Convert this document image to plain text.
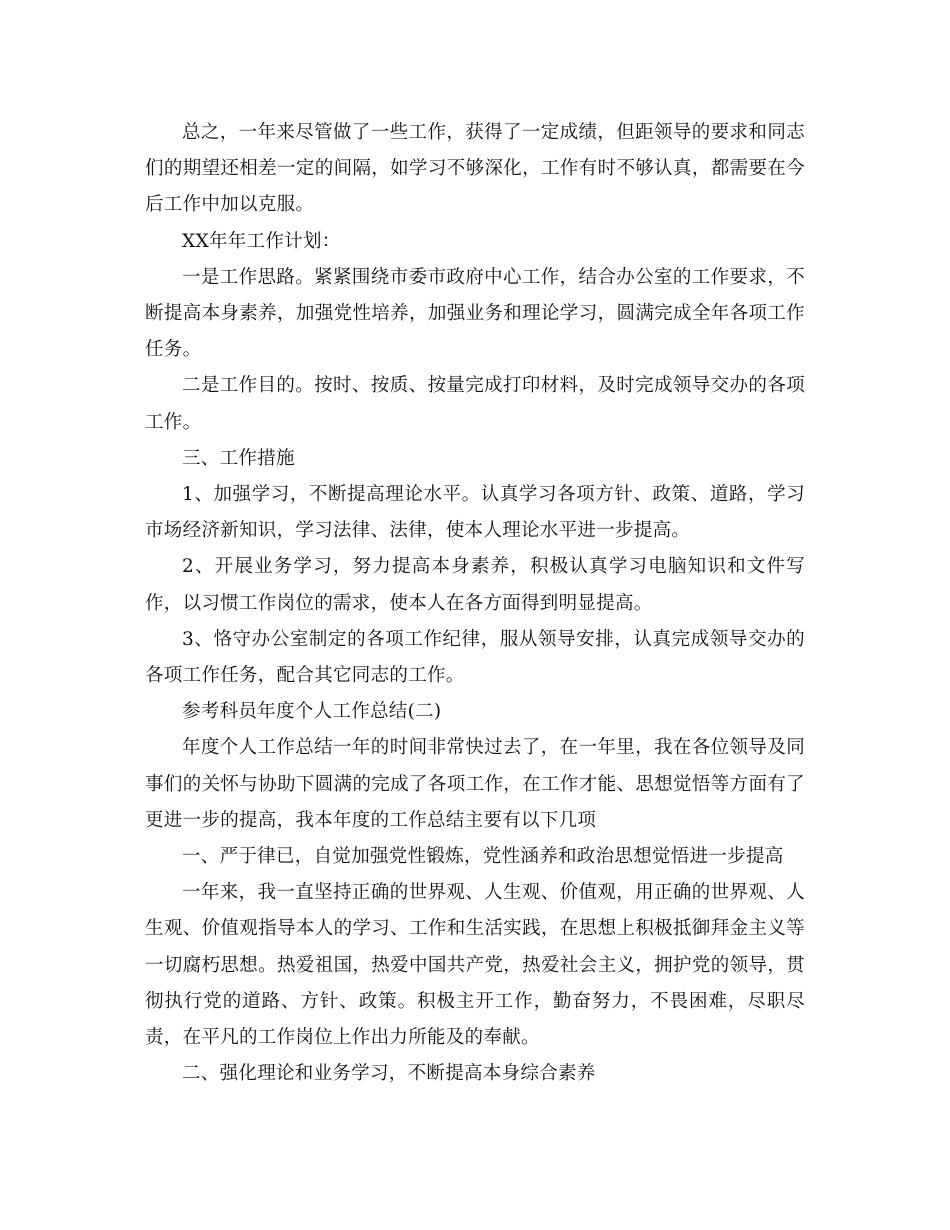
总之，一年来尽管做了一些工作，获得了一定成绩，但距领导的要求和同志们的期望还相差一定的间隔，如学习不够深化，工作有时不够认真，都需要在今后工作中加以克服。

XX年年工作计划：

一是工作思路。紧紧围绕市委市政府中心工作，结合办公室的工作要求，不断提高本身素养，加强党性培养，加强业务和理论学习，圆满完成全年各项工作任务。

二是工作目的。按时、按质、按量完成打印材料，及时完成领导交办的各项工作。

三、工作措施

1、加强学习，不断提高理论水平。认真学习各项方针、政策、道路，学习市场经济新知识，学习法律、法律，使本人理论水平进一步提高。

2、开展业务学习，努力提高本身素养，积极认真学习电脑知识和文件写作，以习惯工作岗位的需求，使本人在各方面得到明显提高。

3、恪守办公室制定的各项工作纪律，服从领导安排，认真完成领导交办的各项工作任务，配合其它同志的工作。

参考科员年度个人工作总结(二)

年度个人工作总结一年的时间非常快过去了，在一年里，我在各位领导及同事们的关怀与协助下圆满的完成了各项工作，在工作才能、思想觉悟等方面有了更进一步的提高，我本年度的工作总结主要有以下几项

一、严于律已，自觉加强党性锻炼，党性涵养和政治思想觉悟进一步提高

一年来，我一直坚持正确的世界观、人生观、价值观，用正确的世界观、人生观、价值观指导本人的学习、工作和生活实践，在思想上积极抵御拜金主义等一切腐朽思想。热爱祖国，热爱中国共产党，热爱社会主义，拥护党的领导，贯彻执行党的道路、方针、政策。积极主开工作，勤奋努力，不畏困难，尽职尽责，在平凡的工作岗位上作出力所能及的奉献。

二、强化理论和业务学习，不断提高本身综合素养
